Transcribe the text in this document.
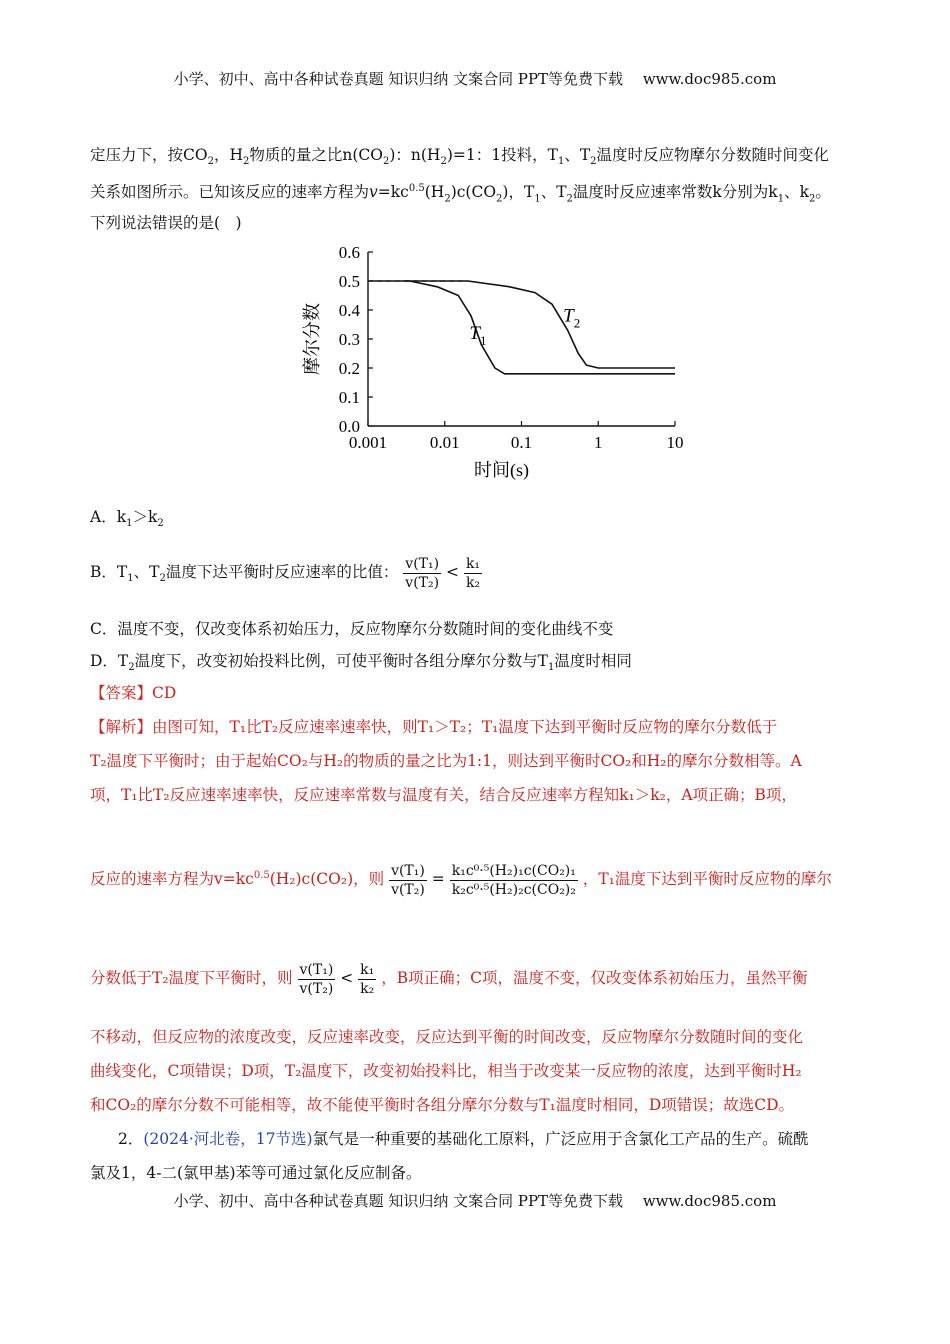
小学、初中、高中各种试卷真题 知识归纳 文案合同 PPT等免费下载　 www.doc985.com
定压力下，按$CO_2$，$H_2$物质的量之比$n(CO_2)$：$n(H_2)=1$：1投料，$T_1$、$T_2$温度时反应物摩尔分数随时间变化
关系如图所示。已知该反应的速率方程为$v=kc^{0.5}(H_2)c(CO_2)$，$T_1$、$T_2$温度时反应速率常数k分别为$k_1$、$k_2$。
下列说法错误的是(　)
0.0
0.1
0.2
0.3
0.4
0.5
0.6
0.001	0.01	0.1	1	10
时间(s)
摩尔分数	$T_1$
$T_2$
A．$k_1>k_2$
B．$T_1$、$T_2$温度下达平衡时反应速率的比值： $\frac{\text{v(T₁)}}{\text{v(T₂)}} < \frac{\text{k₁}}{\text{k₂}}$
C．温度不变，仅改变体系初始压力，反应物摩尔分数随时间的变化曲线不变
D．$T_2$温度下，改变初始投料比例，可使平衡时各组分摩尔分数与$T_1$温度时相同
【答案】CD
【解析】由图可知，T₁比T₂反应速率速率快，则T₁＞T₂；T₁温度下达到平衡时反应物的摩尔分数低于
T₂温度下平衡时；由于起始CO₂与H₂的物质的量之比为1:1，则达到平衡时CO₂和H₂的摩尔分数相等。A
项，T₁比T₂反应速率速率快，反应速率常数与温度有关，结合反应速率方程知k₁＞k₂，A项正确；B项，
反应的速率方程为$v=kc^{0.5}(H_2)c(CO_2)$，则 $\frac{\text{v(T₁)}}{\text{v(T₂)}} = \frac{\text{k₁c⁰·⁵(H₂)₁c(CO₂)₁}}{\text{k₂c⁰·⁵(H₂)₂c(CO₂)₂}}$ ，T₁温度下达到平衡时反应物的摩尔
分数低于T₂温度下平衡时，则 $\frac{\text{v(T₁)}}{\text{v(T₂)}} < \frac{\text{k₁}}{\text{k₂}}$ ，B项正确；C项，温度不变，仅改变体系初始压力，虽然平衡
不移动，但反应物的浓度改变，反应速率改变，反应达到平衡的时间改变，反应物摩尔分数随时间的变化
曲线变化，C项错误；D项，T₂温度下，改变初始投料比，相当于改变某一反应物的浓度，达到平衡时H₂
和CO₂的摩尔分数不可能相等，故不能使平衡时各组分摩尔分数与T₁温度时相同，D项错误；故选CD。
2．(2024·河北卷，17节选)氯气是一种重要的基础化工原料，广泛应用于含氯化工产品的生产。硫酰
氯及1，4-二(氯甲基)苯等可通过氯化反应制备。
小学、初中、高中各种试卷真题 知识归纳 文案合同 PPT等免费下载　 www.doc985.com
